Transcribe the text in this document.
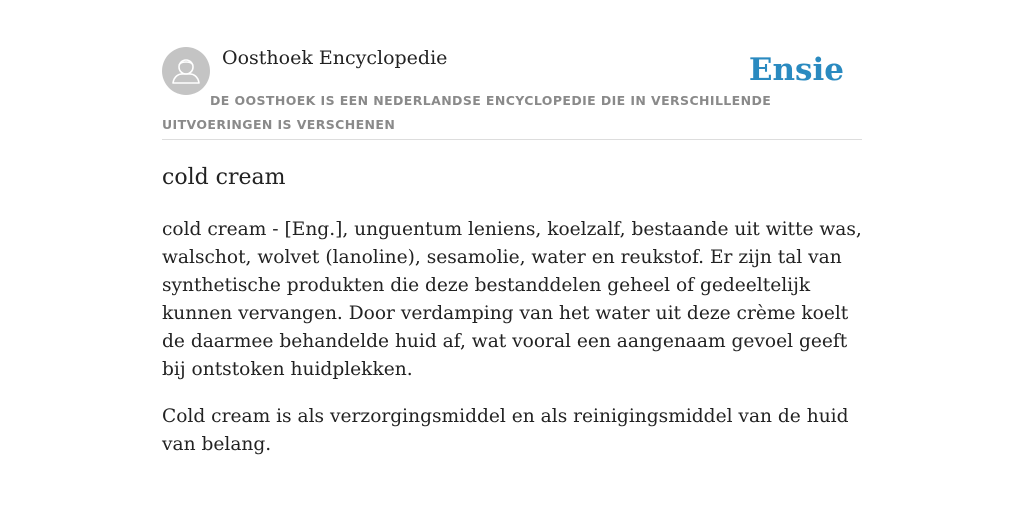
Oosthoek Encyclopedie	Ensie
DE OOSTHOEK IS EEN NEDERLANDSE ENCYCLOPEDIE DIE IN VERSCHILLENDE UITVOERINGEN IS VERSCHENEN
cold cream

cold cream - [Eng.], unguentum leniens, koelzalf, bestaande uit witte was, walschot, wolvet (lanoline), sesamolie, water en reukstof. Er zijn tal van synthetische produkten die deze bestanddelen geheel of gedeeltelijk kunnen vervangen. Door verdamping van het water uit deze crème koelt de daarmee behandelde huid af, wat vooral een aangenaam gevoel geeft bij ontstoken huidplekken.

Cold cream is als verzorgingsmiddel en als reinigingsmiddel van de huid van belang.
